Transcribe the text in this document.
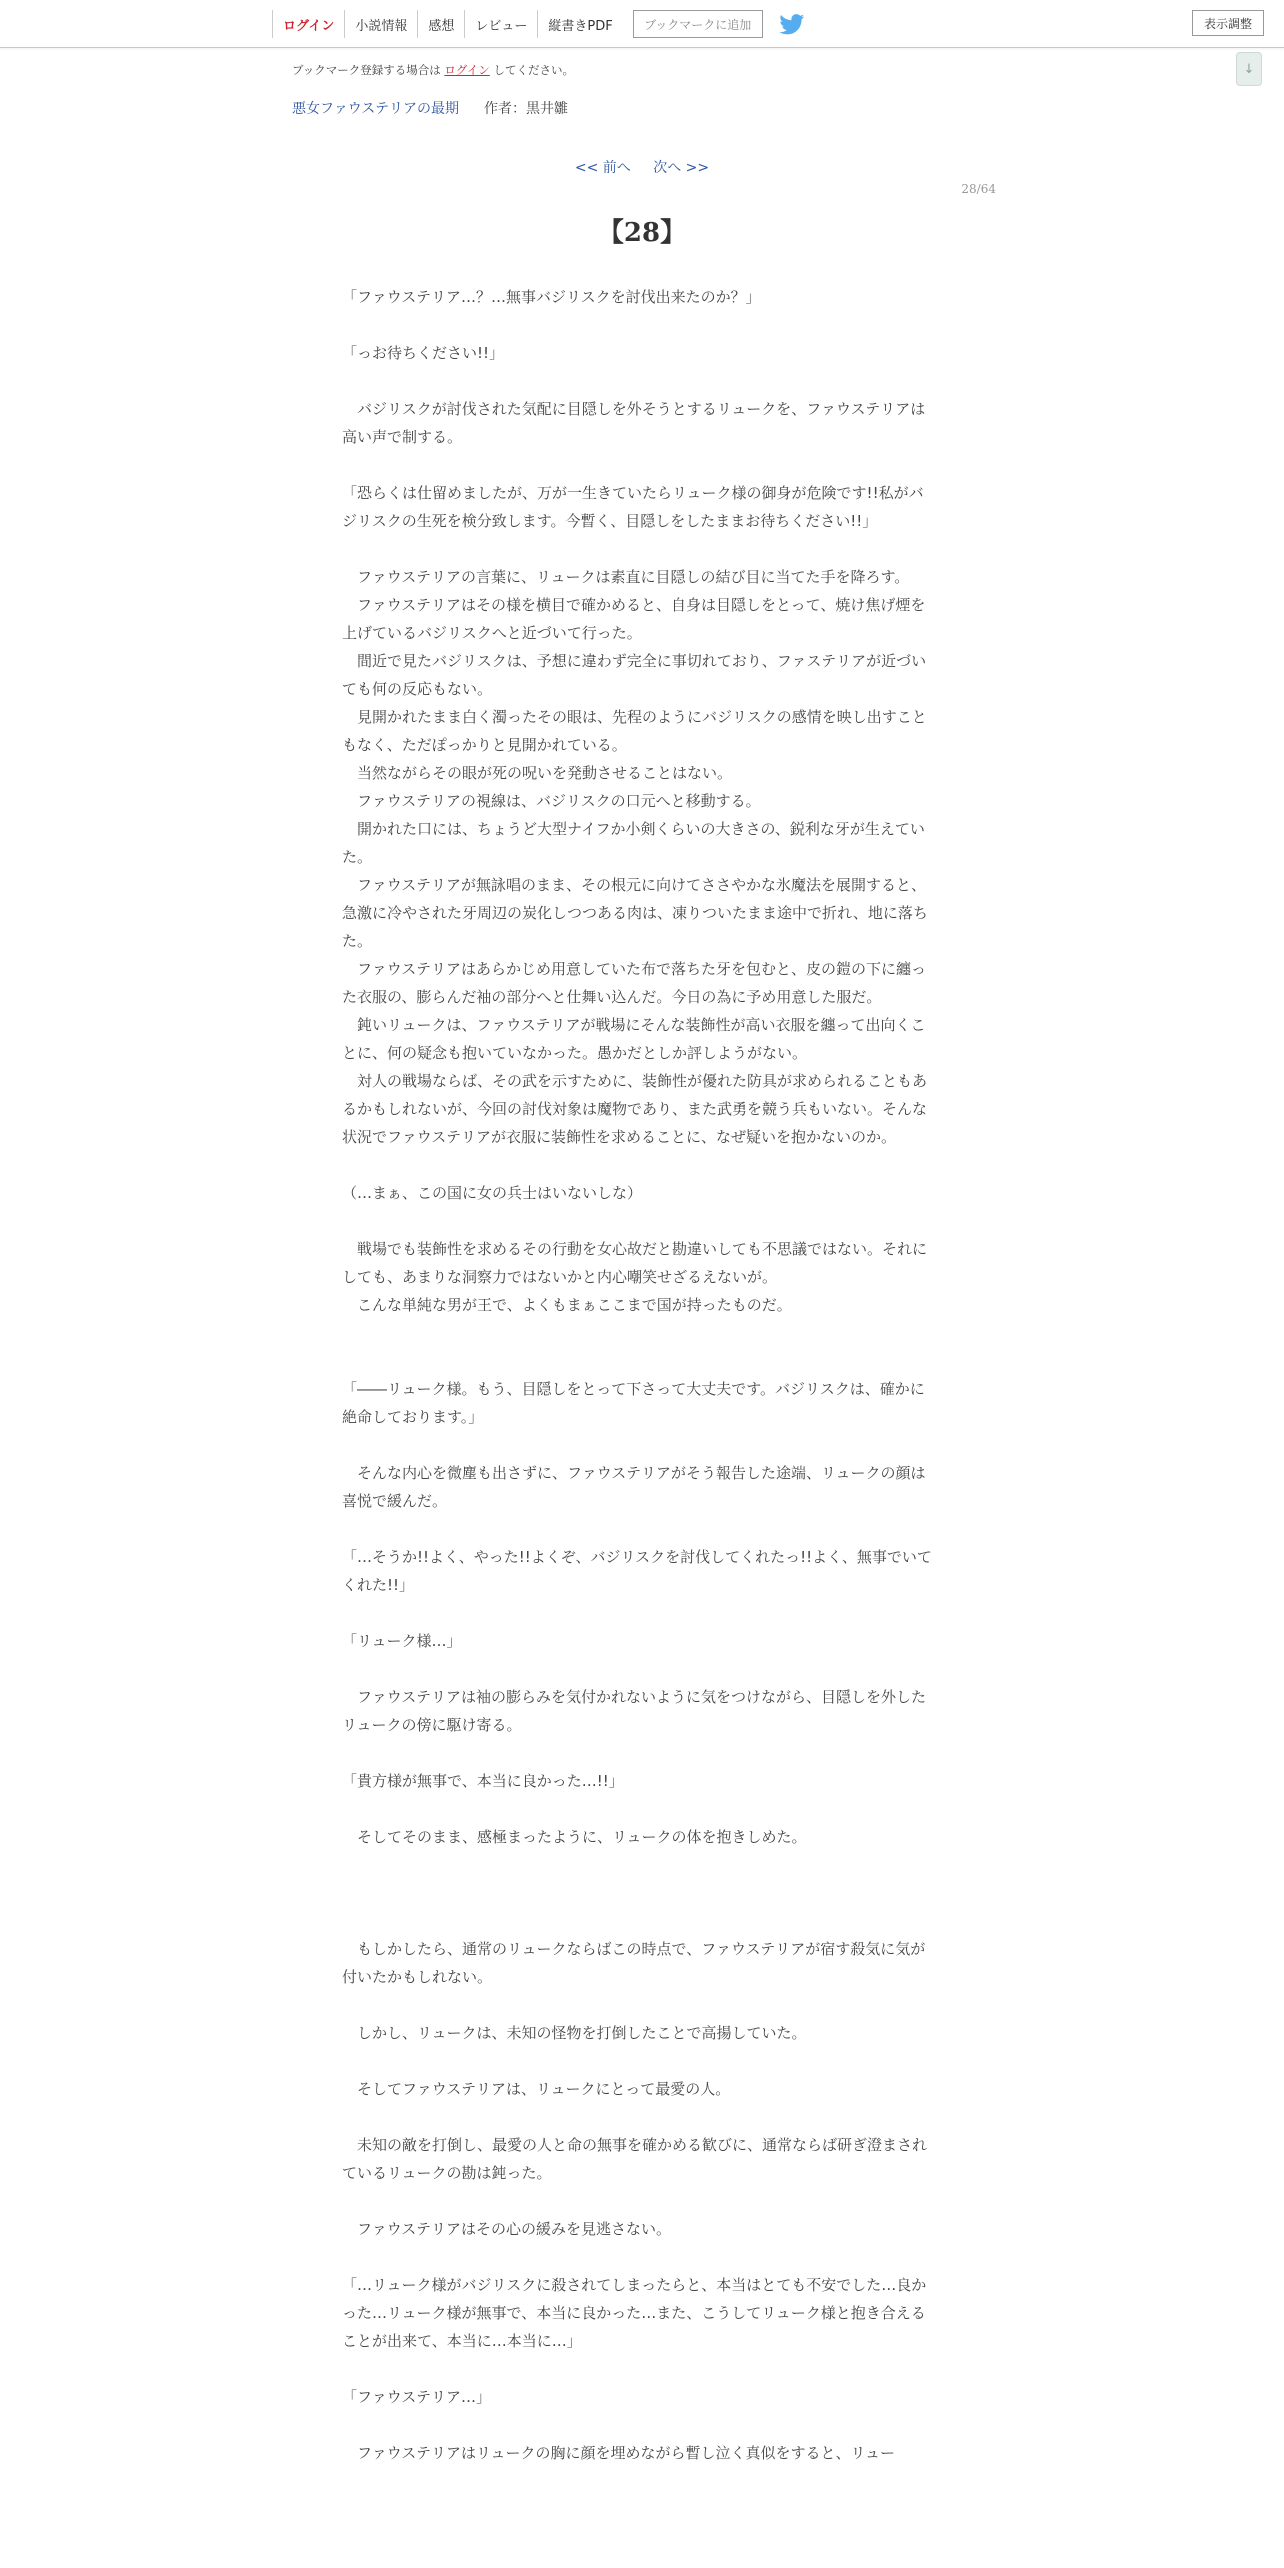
ログイン	小説情報	感想	レビュー	縦書きPDF	ブックマークに追加	表示調整
ブックマーク登録する場合は ログイン してください。	↓
悪女ファウステリアの最期 作者：黒井雛
<< 前へ 次へ >>
28/64
【28】

「ファウステリア…？…無事バジリスクを討伐出来たのか？」

「っお待ちください!!」

　バジリスクが討伐された気配に目隠しを外そうとするリュークを、ファウステリアは高い声で制する。

「恐らくは仕留めましたが、万が一生きていたらリューク様の御身が危険です!!私がバジリスクの生死を検分致します。今暫く、目隠しをしたままお待ちください!!」

　ファウステリアの言葉に、リュークは素直に目隠しの結び目に当てた手を降ろす。

　ファウステリアはその様を横目で確かめると、自身は目隠しをとって、焼け焦げ煙を上げているバジリスクへと近づいて行った。

　間近で見たバジリスクは、予想に違わず完全に事切れており、ファステリアが近づいても何の反応もない。

　見開かれたまま白く濁ったその眼は、先程のようにバジリスクの感情を映し出すこともなく、ただぽっかりと見開かれている。

　当然ながらその眼が死の呪いを発動させることはない。

　ファウステリアの視線は、バジリスクの口元へと移動する。

　開かれた口には、ちょうど大型ナイフか小剣くらいの大きさの、鋭利な牙が生えていた。

　ファウステリアが無詠唱のまま、その根元に向けてささやかな氷魔法を展開すると、急激に冷やされた牙周辺の炭化しつつある肉は、凍りついたまま途中で折れ、地に落ちた。

　ファウステリアはあらかじめ用意していた布で落ちた牙を包むと、皮の鎧の下に纏った衣服の、膨らんだ袖の部分へと仕舞い込んだ。今日の為に予め用意した服だ。

　鈍いリュークは、ファウステリアが戦場にそんな装飾性が高い衣服を纏って出向くことに、何の疑念も抱いていなかった。愚かだとしか評しようがない。

　対人の戦場ならば、その武を示すために、装飾性が優れた防具が求められることもあるかもしれないが、今回の討伐対象は魔物であり、また武勇を競う兵もいない。そんな状況でファウステリアが衣服に装飾性を求めることに、なぜ疑いを抱かないのか。

（…まぁ、この国に女の兵士はいないしな）

　戦場でも装飾性を求めるその行動を女心故だと勘違いしても不思議ではない。それにしても、あまりな洞察力ではないかと内心嘲笑せざるえないが。

　こんな単純な男が王で、よくもまぁここまで国が持ったものだ。

「――リューク様。もう、目隠しをとって下さって大丈夫です。バジリスクは、確かに絶命しております。」

　そんな内心を微塵も出さずに、ファウステリアがそう報告した途端、リュークの顔は喜悦で緩んだ。

「…そうか!!よく、やった!!よくぞ、バジリスクを討伐してくれたっ!!よく、無事でいてくれた!!」

「リューク様…」

　ファウステリアは袖の膨らみを気付かれないように気をつけながら、目隠しを外したリュークの傍に駆け寄る。

「貴方様が無事で、本当に良かった…!!」

　そしてそのまま、感極まったように、リュークの体を抱きしめた。

　もしかしたら、通常のリュークならばこの時点で、ファウステリアが宿す殺気に気が付いたかもしれない。

　しかし、リュークは、未知の怪物を打倒したことで高揚していた。

　そしてファウステリアは、リュークにとって最愛の人。

　未知の敵を打倒し、最愛の人と命の無事を確かめる歓びに、通常ならば研ぎ澄まされているリュークの勘は鈍った。

　ファウステリアはその心の緩みを見逃さない。

「…リューク様がバジリスクに殺されてしまったらと、本当はとても不安でした…良かった…リューク様が無事で、本当に良かった…また、こうしてリューク様と抱き合えることが出来て、本当に…本当に…」

「ファウステリア…」

　ファウステリアはリュークの胸に顔を埋めながら暫し泣く真似をすると、リュー
